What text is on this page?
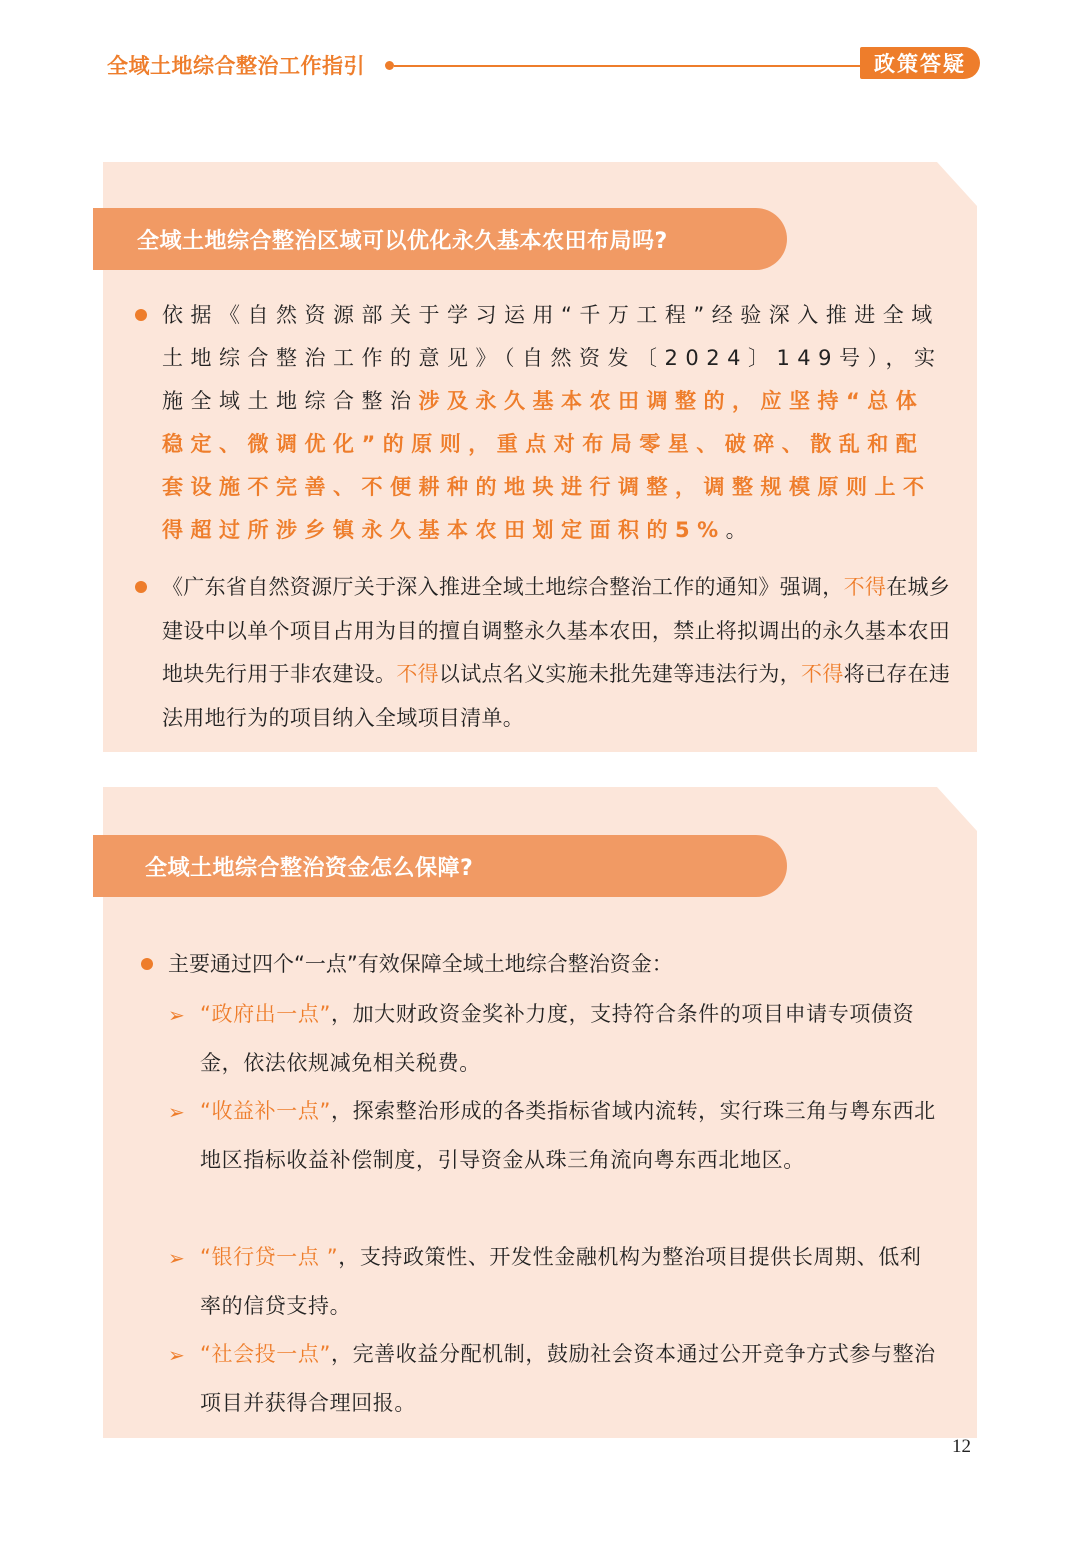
全域土地综合整治工作指引	政策答疑
全域土地综合整治区域可以优化永久基本农田布局吗?

依据《自然资源部关于学习运用“千万工程”经验深入推进全域土地综合整治工作的意见》（自然资发〔2024〕149号），实施全域土地综合整治涉及永久基本农田调整的，应坚持“总体稳定、微调优化”的原则，重点对布局零星、破碎、散乱和配套设施不完善、不便耕种的地块进行调整，调整规模原则上不得超过所涉乡镇永久基本农田划定面积的5%。

《广东省自然资源厅关于深入推进全域土地综合整治工作的通知》强调，不得在城乡建设中以单个项目占用为目的擅自调整永久基本农田，禁止将拟调出的永久基本农田地块先行用于非农建设。不得以试点名义实施未批先建等违法行为，不得将已存在违法用地行为的项目纳入全域项目清单。

全域土地综合整治资金怎么保障?

主要通过四个“一点”有效保障全域土地综合整治资金：

➢ “政府出一点”，加大财政资金奖补力度，支持符合条件的项目申请专项债资金，依法依规减免相关税费。

➢ “收益补一点”，探索整治形成的各类指标省域内流转，实行珠三角与粤东西北地区指标收益补偿制度，引导资金从珠三角流向粤东西北地区。

➢ “银行贷一点 ”，支持政策性、开发性金融机构为整治项目提供长周期、低利率的信贷支持。

➢ “社会投一点”，完善收益分配机制，鼓励社会资本通过公开竞争方式参与整治项目并获得合理回报。

12
